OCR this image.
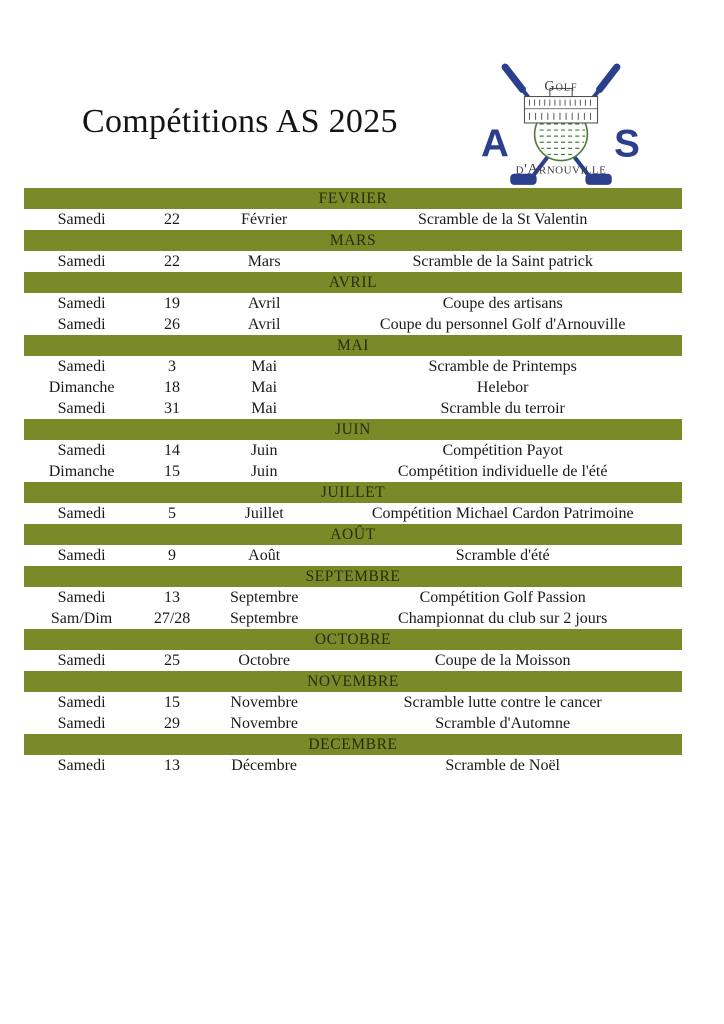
Compétitions AS 2025
Golf
A	S
d'Arnouville
FEVRIER			
Samedi	22	Février	Scramble de la St Valentin
MARS			
Samedi	22	Mars	Scramble de la Saint patrick
AVRIL			
Samedi	19	Avril	Coupe des artisans
Samedi	26	Avril	Coupe du personnel Golf d'Arnouville
MAI			
Samedi	3	Mai	Scramble de Printemps
Dimanche	18	Mai	Helebor
Samedi	31	Mai	Scramble du terroir
JUIN			
Samedi	14	Juin	Compétition Payot
Dimanche	15	Juin	Compétition individuelle de l'été
JUILLET			
Samedi	5	Juillet	Compétition Michael Cardon Patrimoine
AOÛT			
Samedi	9	Août	Scramble d'été
SEPTEMBRE			
Samedi	13	Septembre	Compétition Golf Passion
Sam/Dim	27/28	Septembre	Championnat du club sur 2 jours
OCTOBRE			
Samedi	25	Octobre	Coupe de la Moisson
NOVEMBRE			
Samedi	15	Novembre	Scramble lutte contre le cancer
Samedi	29	Novembre	Scramble d'Automne
DECEMBRE			
Samedi	13	Décembre	Scramble de Noël
